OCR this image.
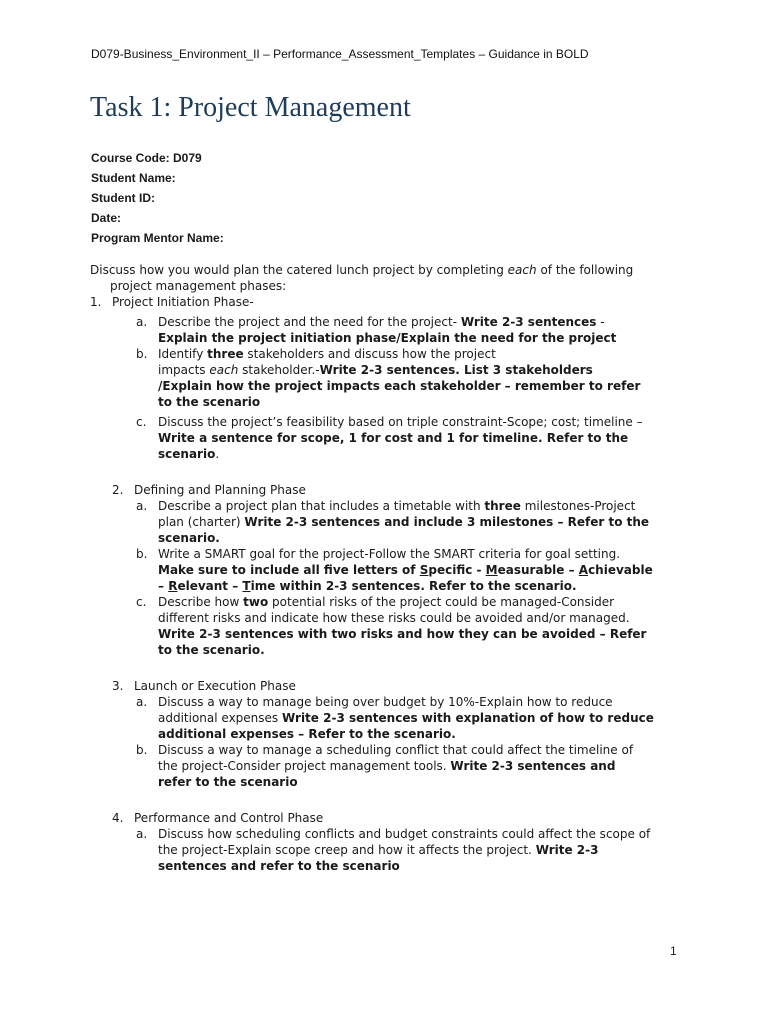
D079-Business_Environment_II – Performance_Assessment_Templates – Guidance in BOLD
Task 1: Project Management
Course Code: D079
Student Name:
Student ID:
Date:
Program Mentor Name:

Discuss how you would plan the catered lunch project by completing each of the following
project management phases:

1. Project Initiation Phase-

a. Describe the project and the need for the project- Write 2-3 sentences -
Explain the project initiation phase/Explain the need for the project

b. Identify three stakeholders and discuss how the project
impacts each stakeholder.-Write 2-3 sentences. List 3 stakeholders
/Explain how the project impacts each stakeholder – remember to refer
to the scenario

c. Discuss the project’s feasibility based on triple constraint-Scope; cost; timeline –
Write a sentence for scope, 1 for cost and 1 for timeline. Refer to the
scenario.

2. Defining and Planning Phase

a. Describe a project plan that includes a timetable with three milestones-Project
plan (charter) Write 2-3 sentences and include 3 milestones – Refer to the
scenario.

b. Write a SMART goal for the project-Follow the SMART criteria for goal setting.
Make sure to include all five letters of Specific - Measurable – Achievable
– Relevant – Time within 2-3 sentences. Refer to the scenario.

c. Describe how two potential risks of the project could be managed-Consider
different risks and indicate how these risks could be avoided and/or managed.
Write 2-3 sentences with two risks and how they can be avoided – Refer
to the scenario.

3. Launch or Execution Phase

a. Discuss a way to manage being over budget by 10%-Explain how to reduce
additional expenses Write 2-3 sentences with explanation of how to reduce
additional expenses – Refer to the scenario.

b. Discuss a way to manage a scheduling conflict that could affect the timeline of
the project-Consider project management tools. Write 2-3 sentences and
refer to the scenario

4. Performance and Control Phase

a. Discuss how scheduling conflicts and budget constraints could affect the scope of
the project-Explain scope creep and how it affects the project. Write 2-3
sentences and refer to the scenario

1
